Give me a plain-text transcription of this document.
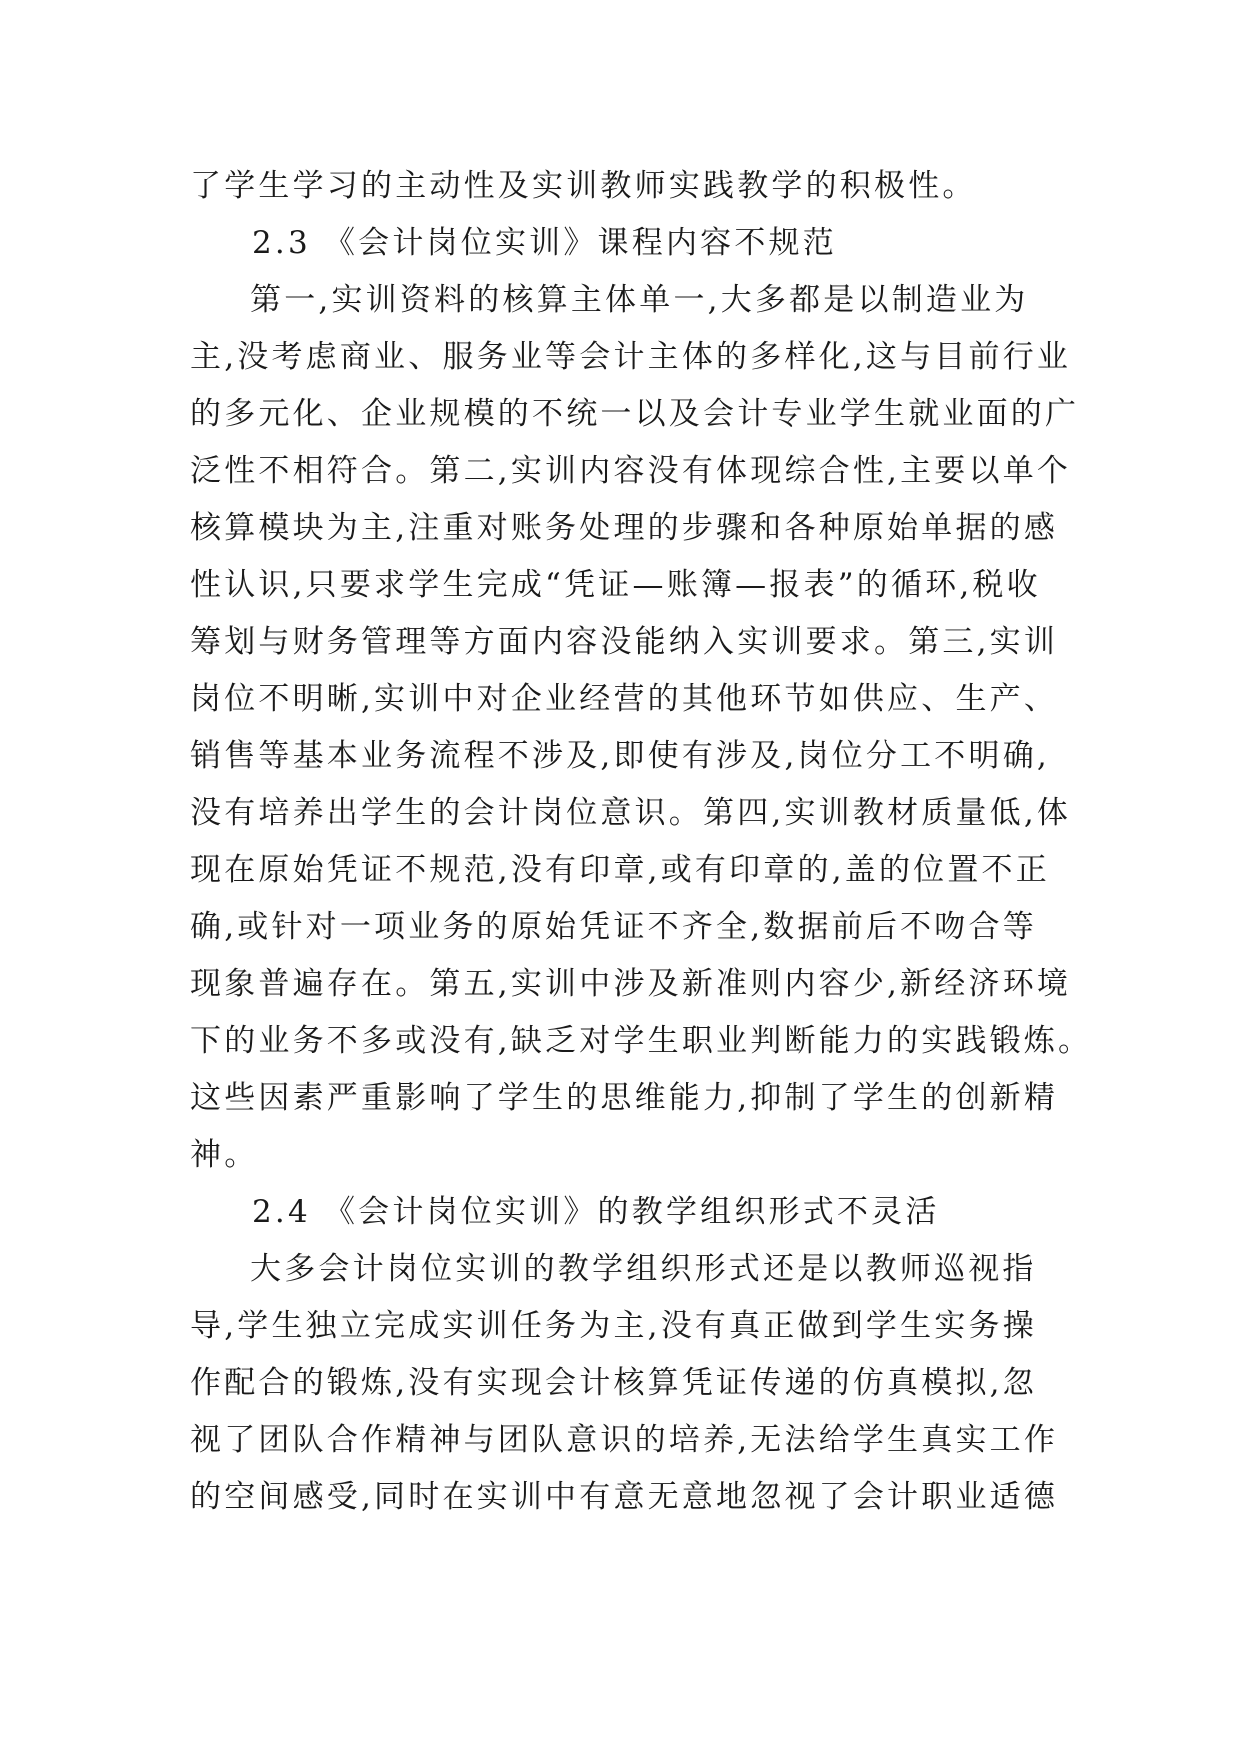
了学生学习的主动性及实训教师实践教学的积极性。
2.3 《会计岗位实训》课程内容不规范
第一,实训资料的核算主体单一,大多都是以制造业为
主,没考虑商业、服务业等会计主体的多样化,这与目前行业
的多元化、企业规模的不统一以及会计专业学生就业面的广
泛性不相符合。第二,实训内容没有体现综合性,主要以单个
核算模块为主,注重对账务处理的步骤和各种原始单据的感
性认识,只要求学生完成“凭证—账簿—报表”的循环,税收
筹划与财务管理等方面内容没能纳入实训要求。第三,实训
岗位不明晰,实训中对企业经营的其他环节如供应、生产、
销售等基本业务流程不涉及,即使有涉及,岗位分工不明确,
没有培养出学生的会计岗位意识。第四,实训教材质量低,体
现在原始凭证不规范,没有印章,或有印章的,盖的位置不正
确,或针对一项业务的原始凭证不齐全,数据前后不吻合等
现象普遍存在。第五,实训中涉及新准则内容少,新经济环境
下的业务不多或没有,缺乏对学生职业判断能力的实践锻炼。
这些因素严重影响了学生的思维能力,抑制了学生的创新精
神。
2.4 《会计岗位实训》的教学组织形式不灵活
大多会计岗位实训的教学组织形式还是以教师巡视指
导,学生独立完成实训任务为主,没有真正做到学生实务操
作配合的锻炼,没有实现会计核算凭证传递的仿真模拟,忽
视了团队合作精神与团队意识的培养,无法给学生真实工作
的空间感受,同时在实训中有意无意地忽视了会计职业适德
